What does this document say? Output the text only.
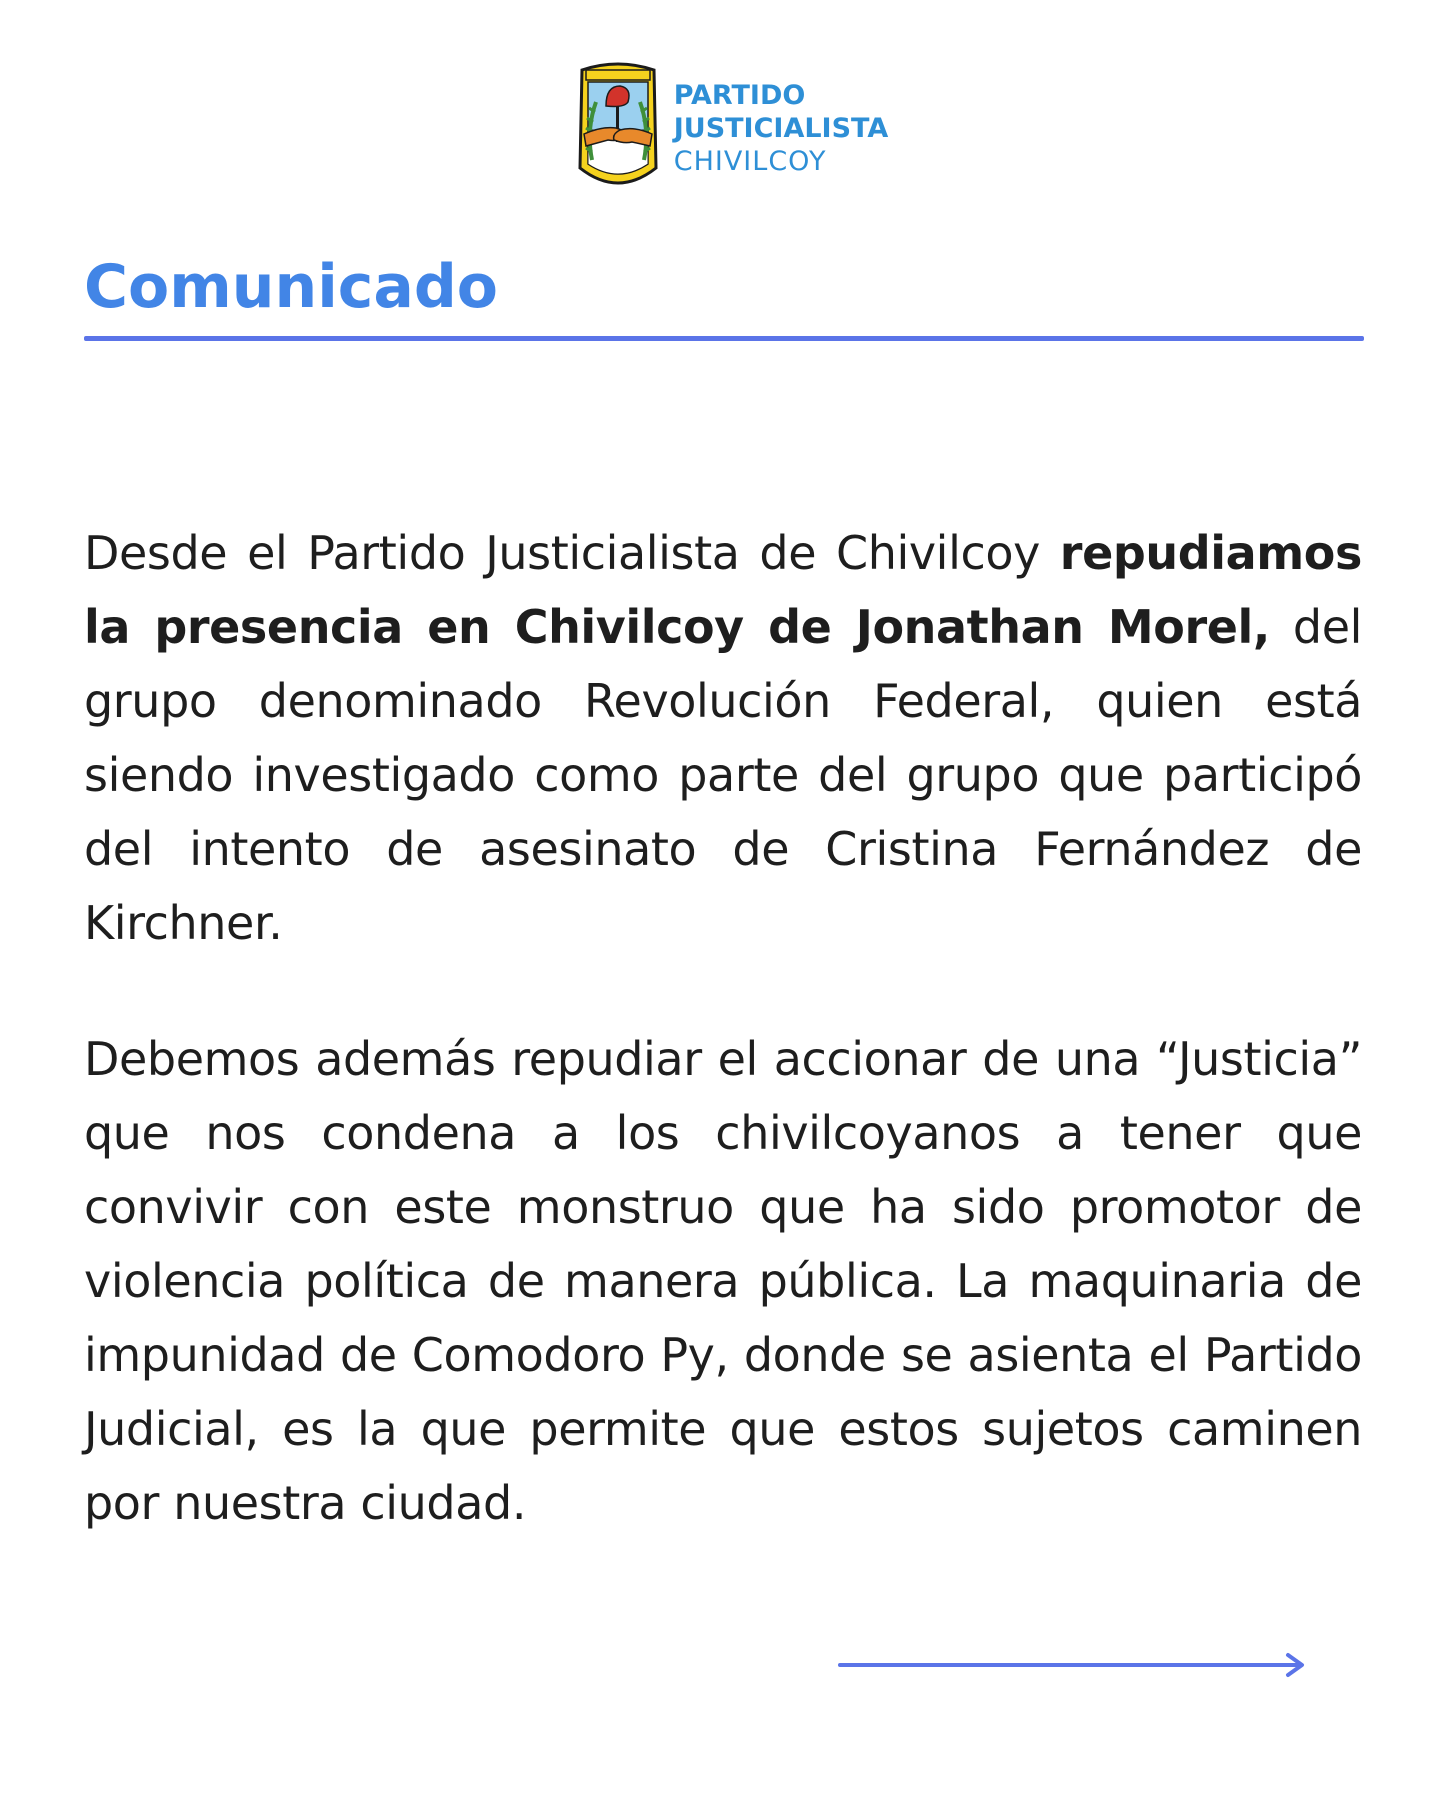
PARTIDO
JUSTICIALISTA
CHIVILCOY
Comunicado

Desde el Partido Justicialista de Chivilcoy repudiamos la presencia en Chivilcoy de Jonathan Morel, del grupo denominado Revolución Federal, quien está siendo investigado como parte del grupo que participó del intento de asesinato de Cristina Fernández de Kirchner.

Debemos además repudiar el accionar de una “Justicia” que nos condena a los chivilcoyanos a tener que convivir con este monstruo que ha sido promotor de violencia política de manera pública. La maquinaria de impunidad de Comodoro Py, donde se asienta el Partido Judicial, es la que permite que estos sujetos caminen por nuestra ciudad.
